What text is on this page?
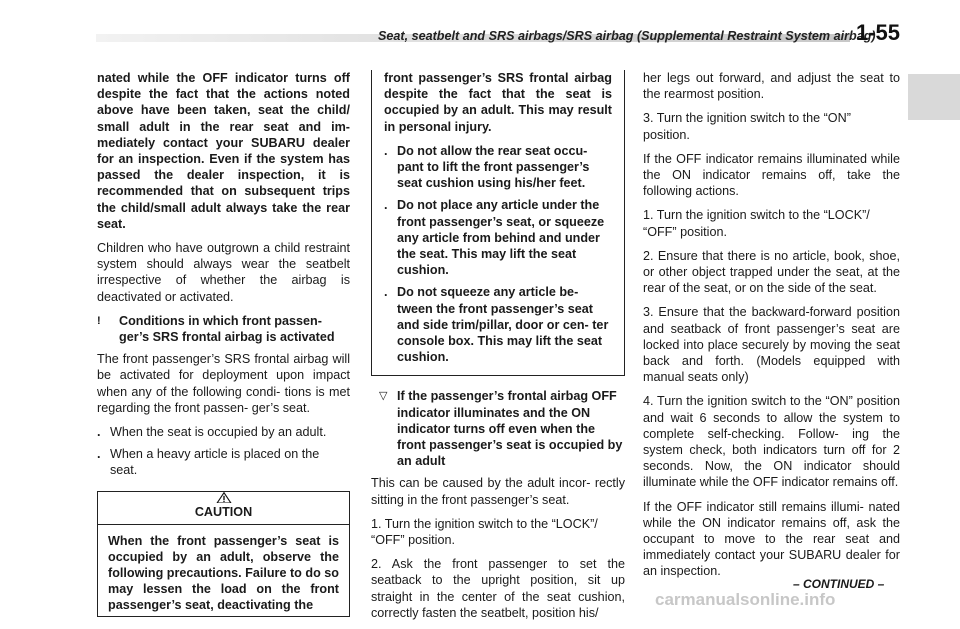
Seat, seatbelt and SRS airbags/SRS airbag (Supplemental Restraint System airbag)
1-55

nated while the OFF indicator turns off despite the fact that the actions noted above have been taken, seat the child/ small adult in the rear seat and im- mediately contact your SUBARU dealer for an inspection. Even if the system has passed the dealer inspection, it is recommended that on subsequent trips the child/small adult always take the rear seat.

Children who have outgrown a child restraint system should always wear the seatbelt irrespective of whether the airbag is deactivated or activated.

!	Conditions in which front passen- ger’s SRS frontal airbag is activated

The front passenger’s SRS frontal airbag will be activated for deployment upon impact when any of the following condi- tions is met regarding the front passen- ger’s seat.

. When the seat is occupied by an adult.
. When a heavy article is placed on the seat.
CAUTION
When the front passenger’s seat is occupied by an adult, observe the following precautions. Failure to do so may lessen the load on the front passenger’s seat, deactivating the

front passenger’s SRS frontal airbag despite the fact that the seat is occupied by an adult. This may result in personal injury.

. Do not allow the rear seat occu- pant to lift the front passenger’s seat cushion using his/her feet.
. Do not place any article under the front passenger’s seat, or squeeze any article from behind and under the seat. This may lift the seat cushion.
. Do not squeeze any article be- tween the front passenger’s seat and side trim/pillar, door or cen- ter console box. This may lift the seat cushion.
▽ If the passenger’s frontal airbag OFF indicator illuminates and the ON indicator turns off even when the front passenger’s seat is occupied by an adult

This can be caused by the adult incor- rectly sitting in the front passenger’s seat.

1. Turn the ignition switch to the “LOCK”/ “OFF” position.

2. Ask the front passenger to set the seatback to the upright position, sit up straight in the center of the seat cushion, correctly fasten the seatbelt, position his/

her legs out forward, and adjust the seat to the rearmost position.

3. Turn the ignition switch to the “ON” position.

If the OFF indicator remains illuminated while the ON indicator remains off, take the following actions.

1. Turn the ignition switch to the “LOCK”/ “OFF” position.

2. Ensure that there is no article, book, shoe, or other object trapped under the seat, at the rear of the seat, or on the side of the seat.

3. Ensure that the backward-forward position and seatback of front passenger’s seat are locked into place securely by moving the seat back and forth. (Models equipped with manual seats only)

4. Turn the ignition switch to the “ON” position and wait 6 seconds to allow the system to complete self-checking. Follow- ing the system check, both indicators turn off for 2 seconds. Now, the ON indicator should illuminate while the OFF indicator remains off.

If the OFF indicator still remains illumi- nated while the ON indicator remains off, ask the occupant to move to the rear seat and immediately contact your SUBARU dealer for an inspection.

– CONTINUED –
carmanualsonline.info
